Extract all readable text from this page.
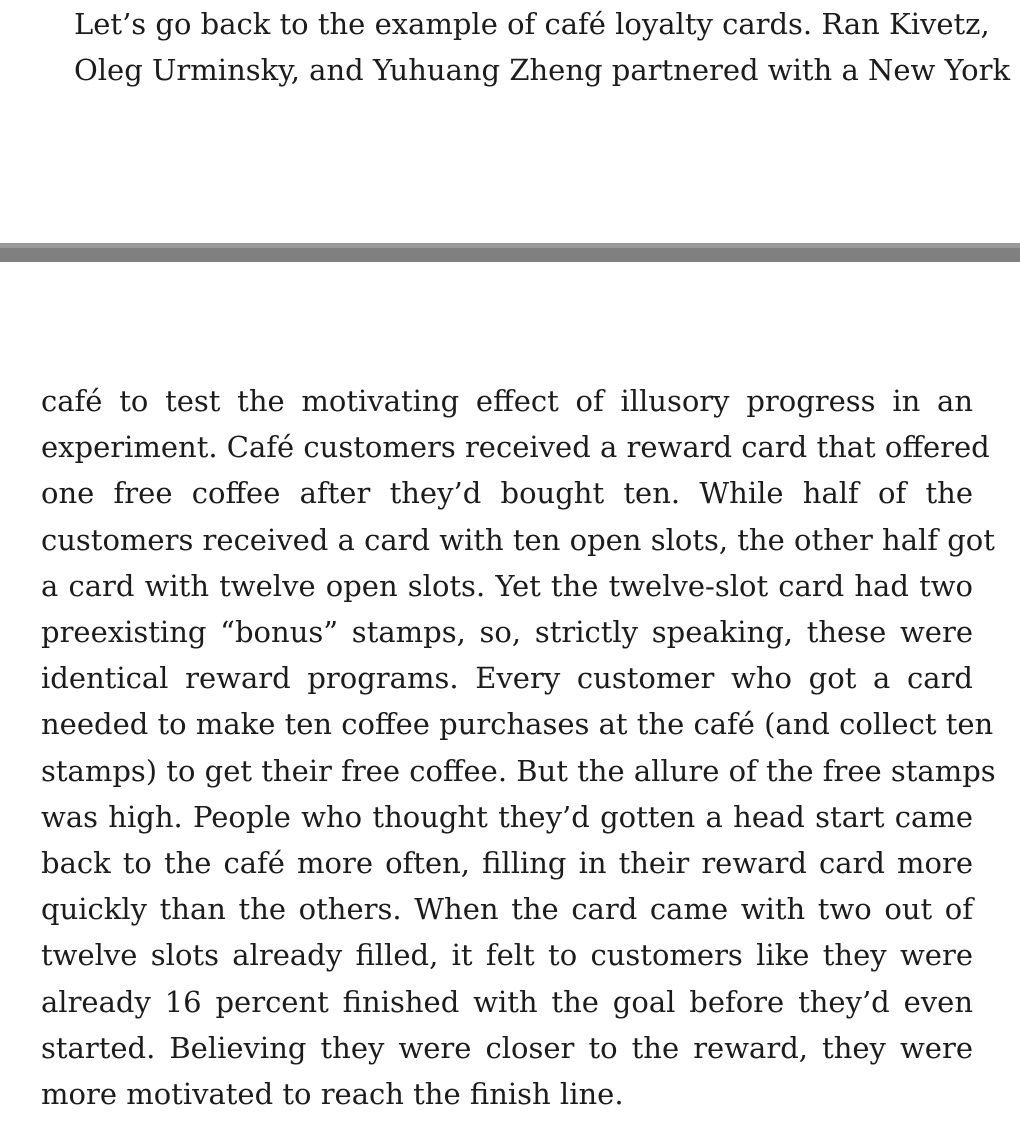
Let’s go back to the example of café loyalty cards. Ran Kivetz,
Oleg Urminsky, and Yuhuang Zheng partnered with a New York
café to test the motivating effect of illusory progress in an
experiment. Café customers received a reward card that offered
one free coffee after they’d bought ten. While half of the
customers received a card with ten open slots, the other half got
a card with twelve open slots. Yet the twelve-slot card had two
preexisting “bonus” stamps, so, strictly speaking, these were
identical reward programs. Every customer who got a card
needed to make ten coffee purchases at the café (and collect ten
stamps) to get their free coffee. But the allure of the free stamps
was high. People who thought they’d gotten a head start came
back to the café more often, filling in their reward card more
quickly than the others. When the card came with two out of
twelve slots already filled, it felt to customers like they were
already 16 percent finished with the goal before they’d even
started. Believing they were closer to the reward, they were
more motivated to reach the finish line.
